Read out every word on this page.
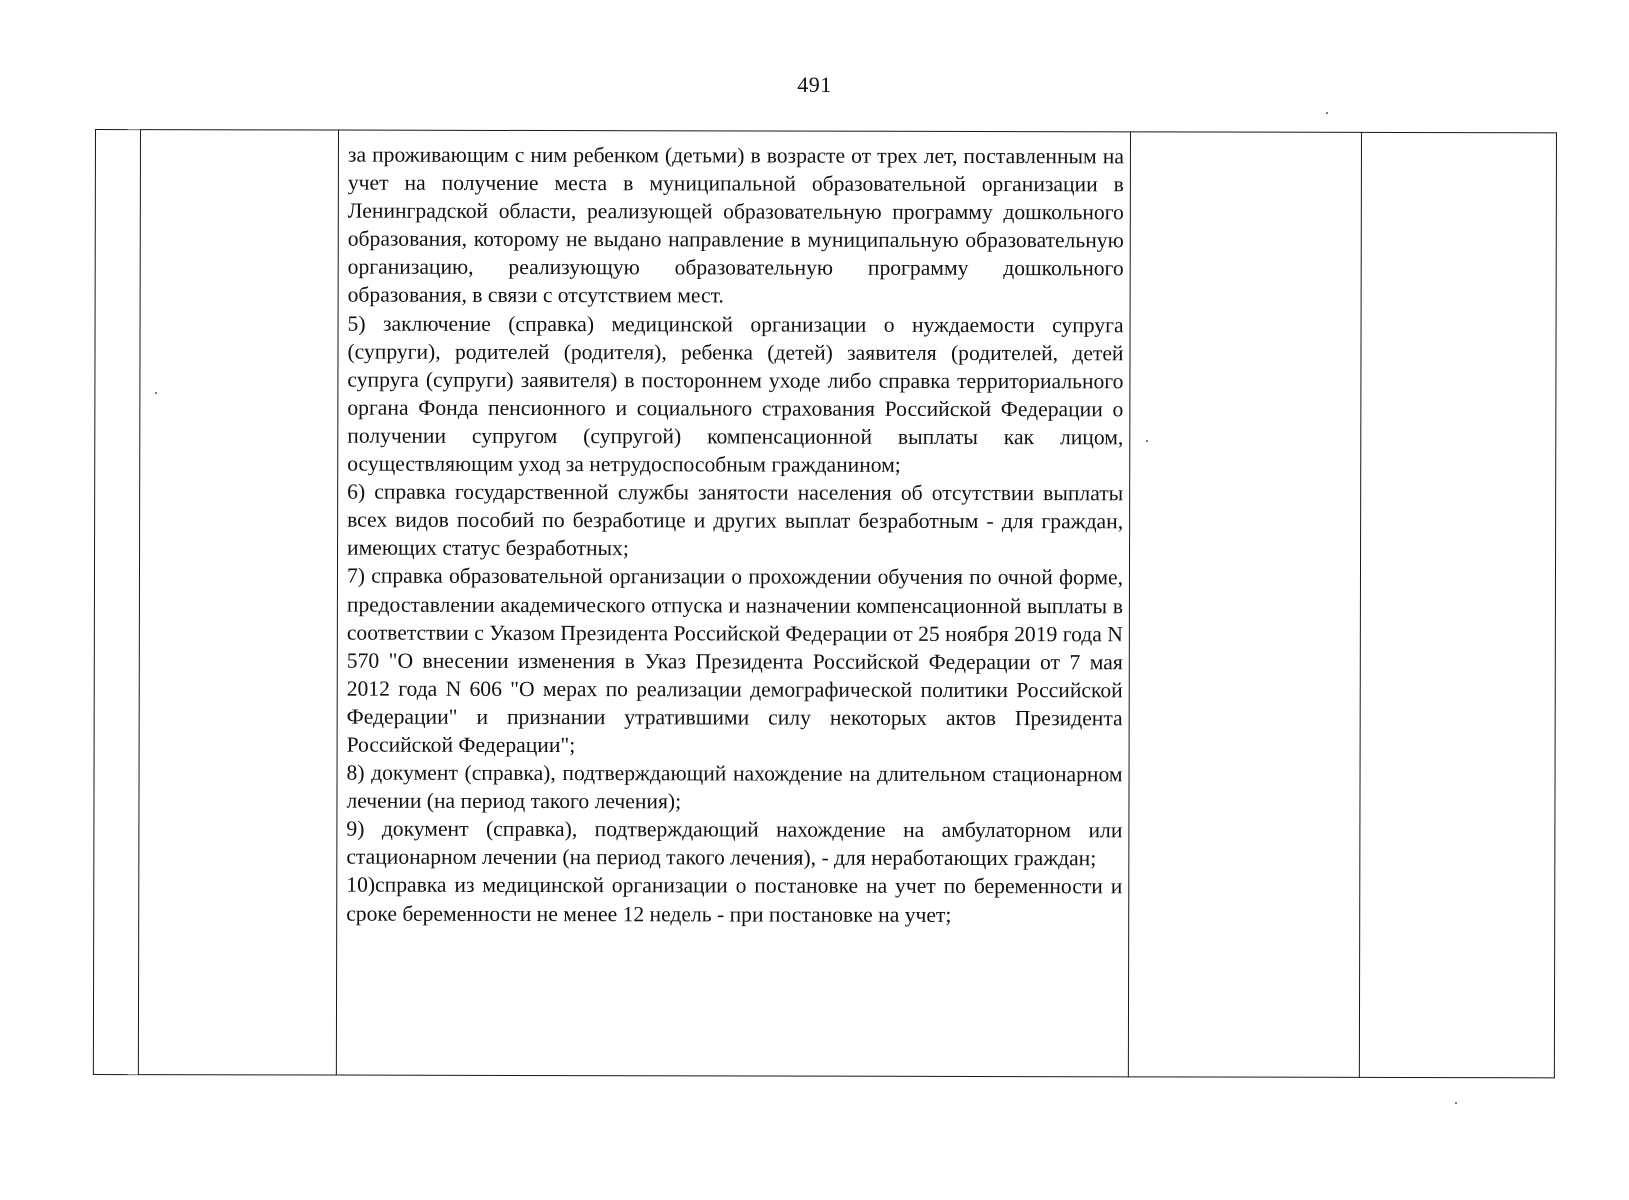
491

за проживающим с ним ребенком (детьми) в возрасте от трех лет, поставленным на учет на получение места в муниципальной образовательной организации в Ленинградской области, реализующей образовательную программу дошкольного образования, которому не выдано направление в муниципальную образовательную организацию, реализующую образовательную программу дошкольного образования, в связи с отсутствием мест.

5) заключение (справка) медицинской организации о нуждаемости супруга (супруги), родителей (родителя), ребенка (детей) заявителя (родителей, детей супруга (супруги) заявителя) в постороннем уходе либо справка территориального органа Фонда пенсионного и социального страхования Российской Федерации о получении супругом (супругой) компенсационной выплаты как лицом, осуществляющим уход за нетрудоспособным гражданином;

6) справка государственной службы занятости населения об отсутствии выплаты всех видов пособий по безработице и других выплат безработным - для граждан, имеющих статус безработных;

7) справка образовательной организации о прохождении обучения по очной форме, предоставлении академического отпуска и назначении компенсационной выплаты в соответствии с Указом Президента Российской Федерации от 25 ноября 2019 года N 570 "О внесении изменения в Указ Президента Российской Федерации от 7 мая 2012 года N 606 "О мерах по реализации демографической политики Российской Федерации" и признании утратившими силу некоторых актов Президента Российской Федерации";

8) документ (справка), подтверждающий нахождение на длительном стационарном лечении (на период такого лечения);

9) документ (справка), подтверждающий нахождение на амбулаторном или стационарном лечении (на период такого лечения), - для неработающих граждан;

10)справка из медицинской организации о постановке на учет по беременности и сроке беременности не менее 12 недель - при постановке на учет;
